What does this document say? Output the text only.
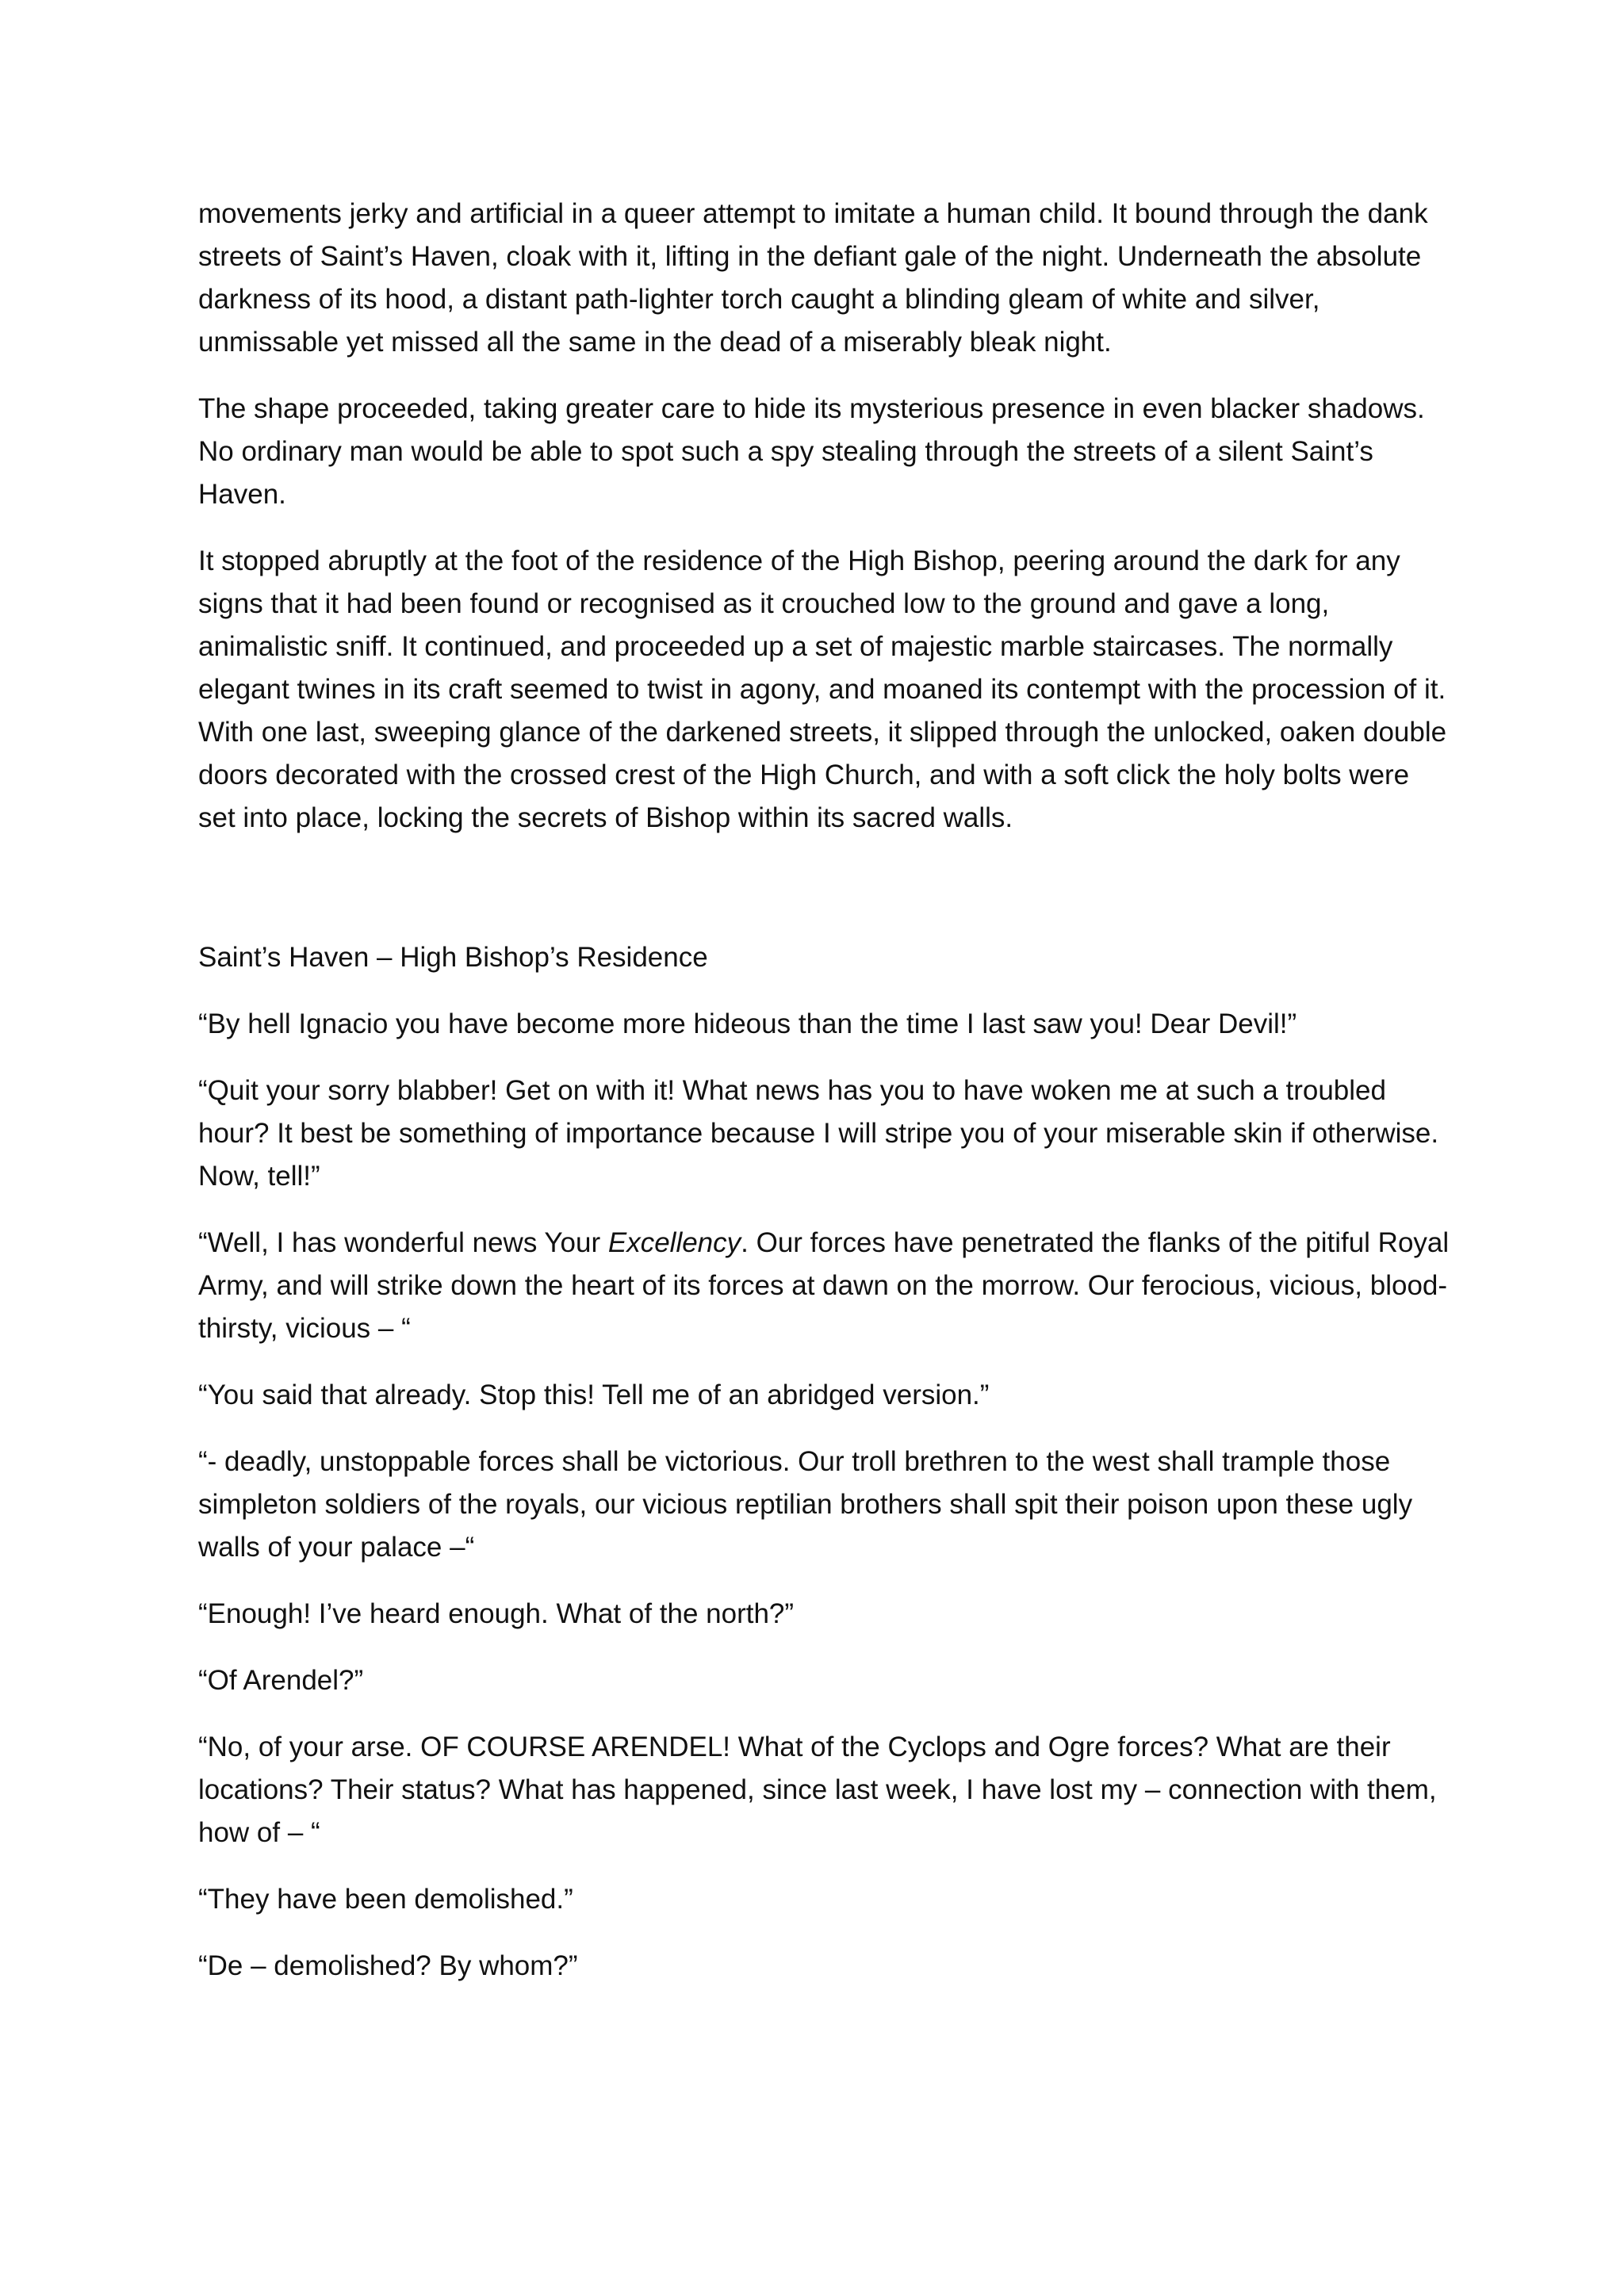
movements jerky and artificial in a queer attempt to imitate a human child. It bound through the dank streets of Saint’s Haven, cloak with it, lifting in the defiant gale of the night. Underneath the absolute darkness of its hood, a distant path-lighter torch caught a blinding gleam of white and silver, unmissable yet missed all the same in the dead of a miserably bleak night.

The shape proceeded, taking greater care to hide its mysterious presence in even blacker shadows. No ordinary man would be able to spot such a spy stealing through the streets of a silent Saint’s Haven.

It stopped abruptly at the foot of the residence of the High Bishop, peering around the dark for any signs that it had been found or recognised as it crouched low to the ground and gave a long, animalistic sniff. It continued, and proceeded up a set of majestic marble staircases. The normally elegant twines in its craft seemed to twist in agony, and moaned its contempt with the procession of it. With one last, sweeping glance of the darkened streets, it slipped through the unlocked, oaken double doors decorated with the crossed crest of the High Church, and with a soft click the holy bolts were set into place, locking the secrets of Bishop within its sacred walls.

Saint’s Haven – High Bishop’s Residence

“By hell Ignacio you have become more hideous than the time I last saw you! Dear Devil!”

“Quit your sorry blabber! Get on with it! What news has you to have woken me at such a troubled hour? It best be something of importance because I will stripe you of your miserable skin if otherwise. Now, tell!”

“Well, I has wonderful news Your Excellency. Our forces have penetrated the flanks of the pitiful Royal Army, and will strike down the heart of its forces at dawn on the morrow. Our ferocious, vicious, blood-thirsty, vicious – “

“You said that already. Stop this! Tell me of an abridged version.”

“- deadly, unstoppable forces shall be victorious. Our troll brethren to the west shall trample those simpleton soldiers of the royals, our vicious reptilian brothers shall spit their poison upon these ugly walls of your palace –“

“Enough! I’ve heard enough. What of the north?”

“Of Arendel?”

“No, of your arse. OF COURSE ARENDEL! What of the Cyclops and Ogre forces? What are their locations? Their status? What has happened, since last week, I have lost my – connection with them, how of – “

“They have been demolished.”

“De – demolished? By whom?”
